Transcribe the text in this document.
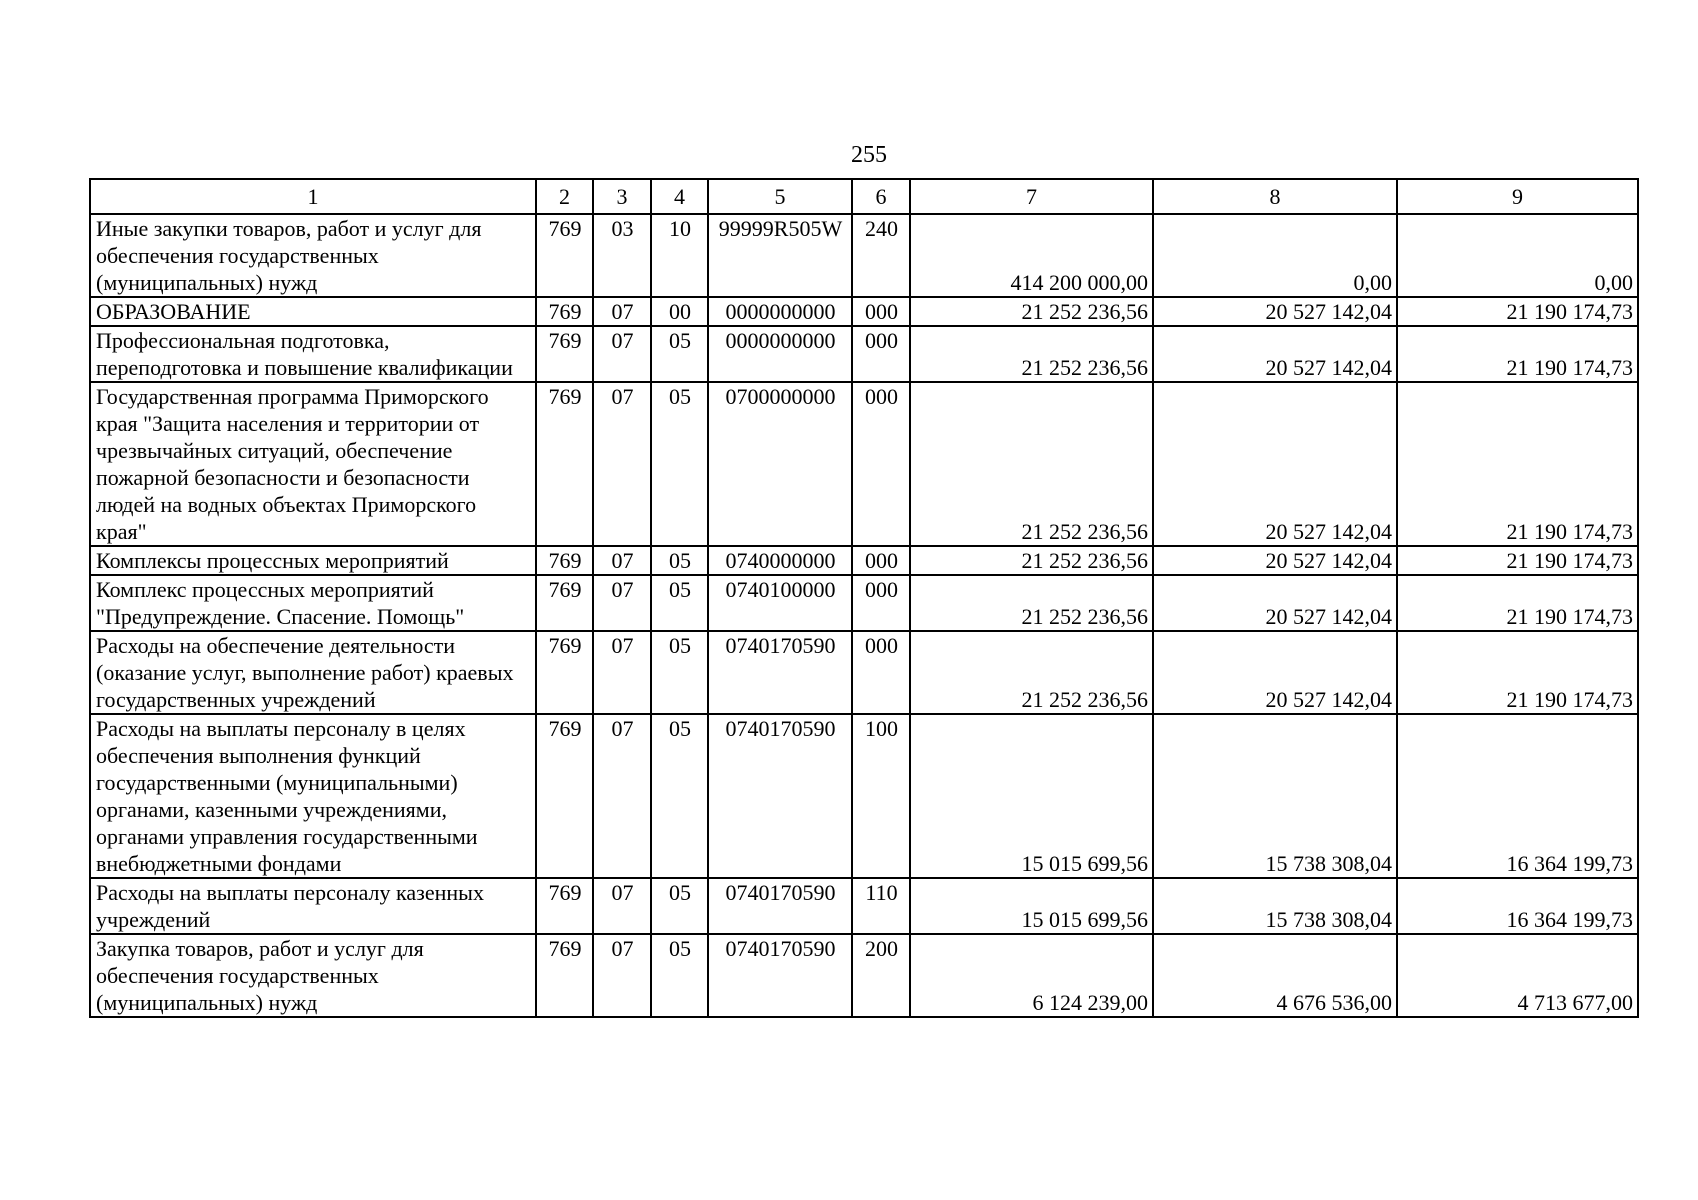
255
1	2	3	4	5	6	7	8	9
Иные закупки товаров, работ и услуг для обеспечения государственных (муниципальных) нужд	769	03	10	99999R505W	240	414 200 000,00	0,00	0,00
ОБРАЗОВАНИЕ	769	07	00	0000000000	000	21 252 236,56	20 527 142,04	21 190 174,73
Профессиональная подготовка, переподготовка и повышение квалификации	769	07	05	0000000000	000	21 252 236,56	20 527 142,04	21 190 174,73
Государственная программа Приморского края "Защита населения и территории от чрезвычайных ситуаций, обеспечение пожарной безопасности и безопасности людей на водных объектах Приморского края"	769	07	05	0700000000	000	21 252 236,56	20 527 142,04	21 190 174,73
Комплексы процессных мероприятий	769	07	05	0740000000	000	21 252 236,56	20 527 142,04	21 190 174,73
Комплекс процессных мероприятий "Предупреждение. Спасение. Помощь"	769	07	05	0740100000	000	21 252 236,56	20 527 142,04	21 190 174,73
Расходы на обеспечение деятельности (оказание услуг, выполнение работ) краевых государственных учреждений	769	07	05	0740170590	000	21 252 236,56	20 527 142,04	21 190 174,73
Расходы на выплаты персоналу в целях обеспечения выполнения функций государственными (муниципальными) органами, казенными учреждениями, органами управления государственными внебюджетными фондами	769	07	05	0740170590	100	15 015 699,56	15 738 308,04	16 364 199,73
Расходы на выплаты персоналу казенных учреждений	769	07	05	0740170590	110	15 015 699,56	15 738 308,04	16 364 199,73
Закупка товаров, работ и услуг для обеспечения государственных (муниципальных) нужд	769	07	05	0740170590	200	6 124 239,00	4 676 536,00	4 713 677,00
